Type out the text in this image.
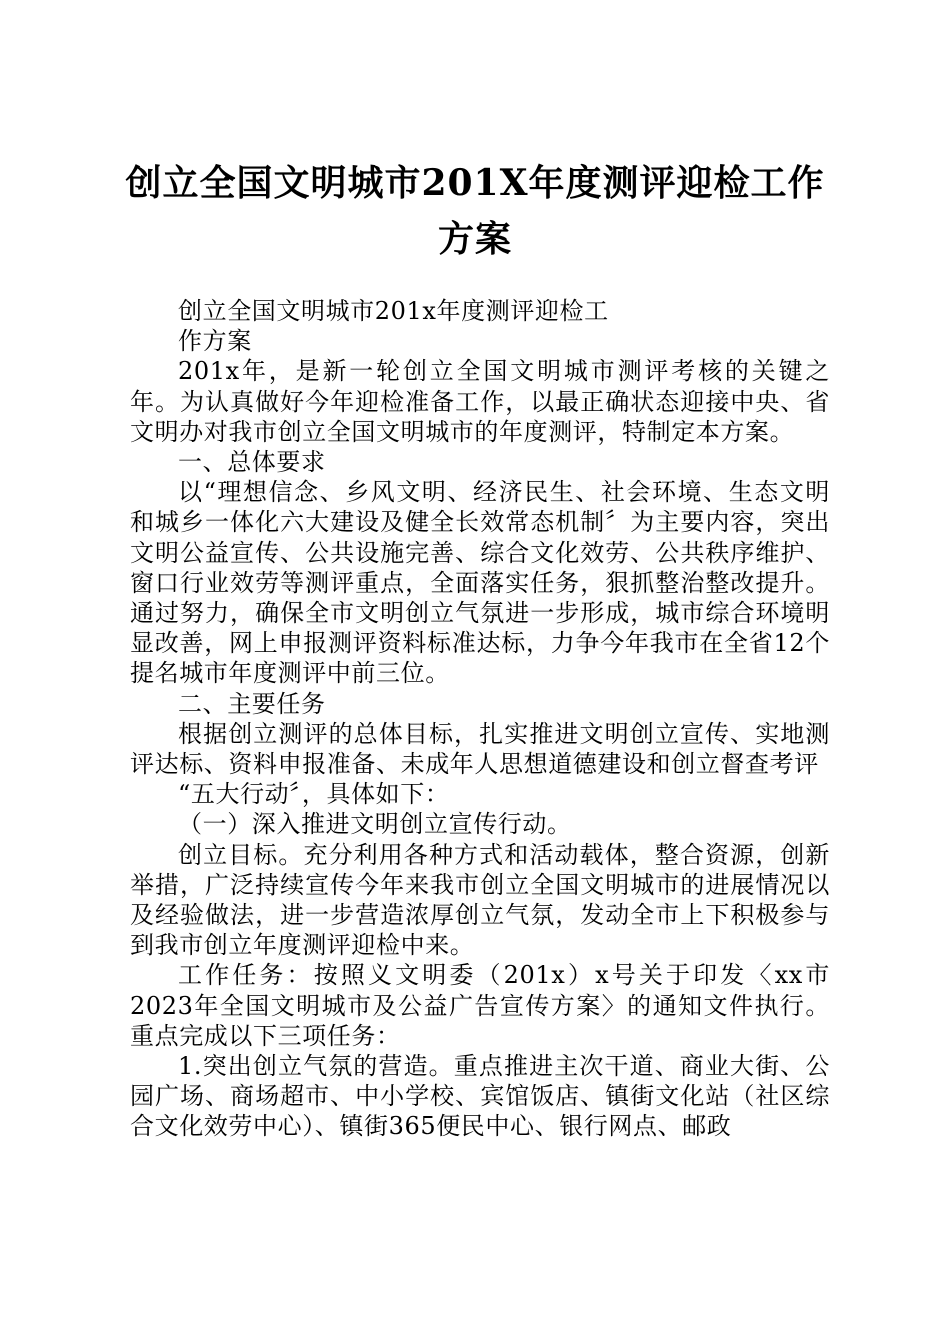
创立全国文明城市201X年度测评迎检工作方案

创立全国文明城市201x年度测评迎检工

作方案

201x年，是新一轮创立全国文明城市测评考核的关键之年。为认真做好今年迎检准备工作，以最正确状态迎接中央、省文明办对我市创立全国文明城市的年度测评，特制定本方案。

一、总体要求

以“理想信念、乡风文明、经济民生、社会环境、生态文明和城乡一体化六大建设及健全长效常态机制〞为主要内容，突出文明公益宣传、公共设施完善、综合文化效劳、公共秩序维护、窗口行业效劳等测评重点，全面落实任务，狠抓整治整改提升。通过努力，确保全市文明创立气氛进一步形成，城市综合环境明显改善，网上申报测评资料标准达标，力争今年我市在全省12个提名城市年度测评中前三位。

二、主要任务

根据创立测评的总体目标，扎实推进文明创立宣传、实地测评达标、资料申报准备、未成年人思想道德建设和创立督查考评

“五大行动〞，具体如下：

（一）深入推进文明创立宣传行动。

创立目标。充分利用各种方式和活动载体，整合资源，创新举措，广泛持续宣传今年来我市创立全国文明城市的进展情况以及经验做法，进一步营造浓厚创立气氛，发动全市上下积极参与到我市创立年度测评迎检中来。

工作任务：按照义文明委（201x）x号关于印发〈xx市2023年全国文明城市及公益广告宣传方案〉的通知文件执行。重点完成以下三项任务：

1.突出创立气氛的营造。重点推进主次干道、商业大街、公园广场、商场超市、中小学校、宾馆饭店、镇街文化站（社区综合文化效劳中心）、镇街365便民中心、银行网点、邮政
